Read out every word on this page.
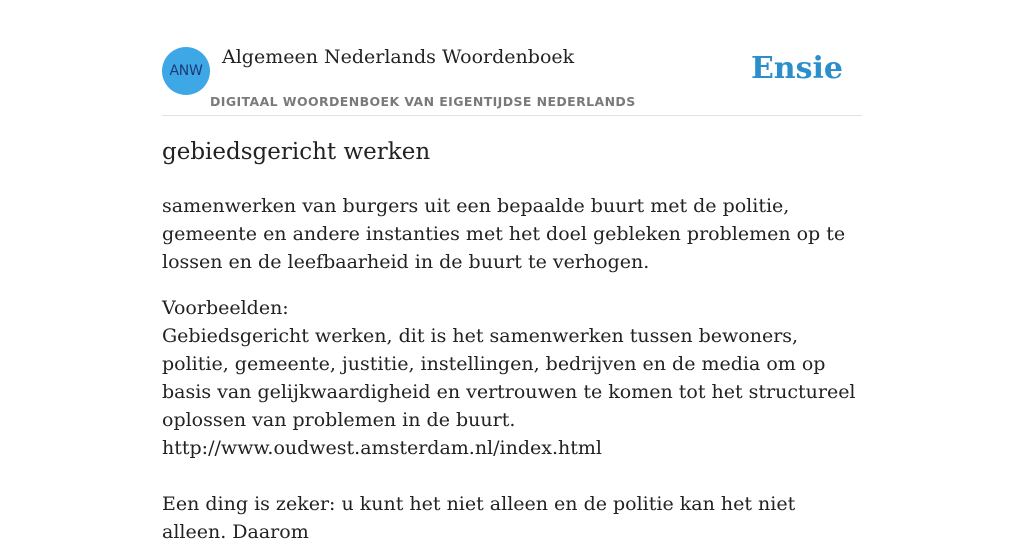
ANW
Algemeen Nederlands Woordenboek
DIGITAAL WOORDENBOEK VAN EIGENTIJDSE NEDERLANDS
Ensie
gebiedsgericht werken
samenwerken van burgers uit een bepaalde buurt met de politie, gemeente en andere instanties met het doel gebleken problemen op te lossen en de leefbaarheid in de buurt te verhogen.

Voorbeelden:

Gebiedsgericht werken, dit is het samenwerken tussen bewoners, politie, gemeente, justitie, instellingen, bedrijven en de media om op basis van gelijkwaardigheid en vertrouwen te komen tot het structureel oplossen van problemen in de buurt.

http://www.oudwest.amsterdam.nl/index.html

Een ding is zeker: u kunt het niet alleen en de politie kan het niet alleen. Daarom
